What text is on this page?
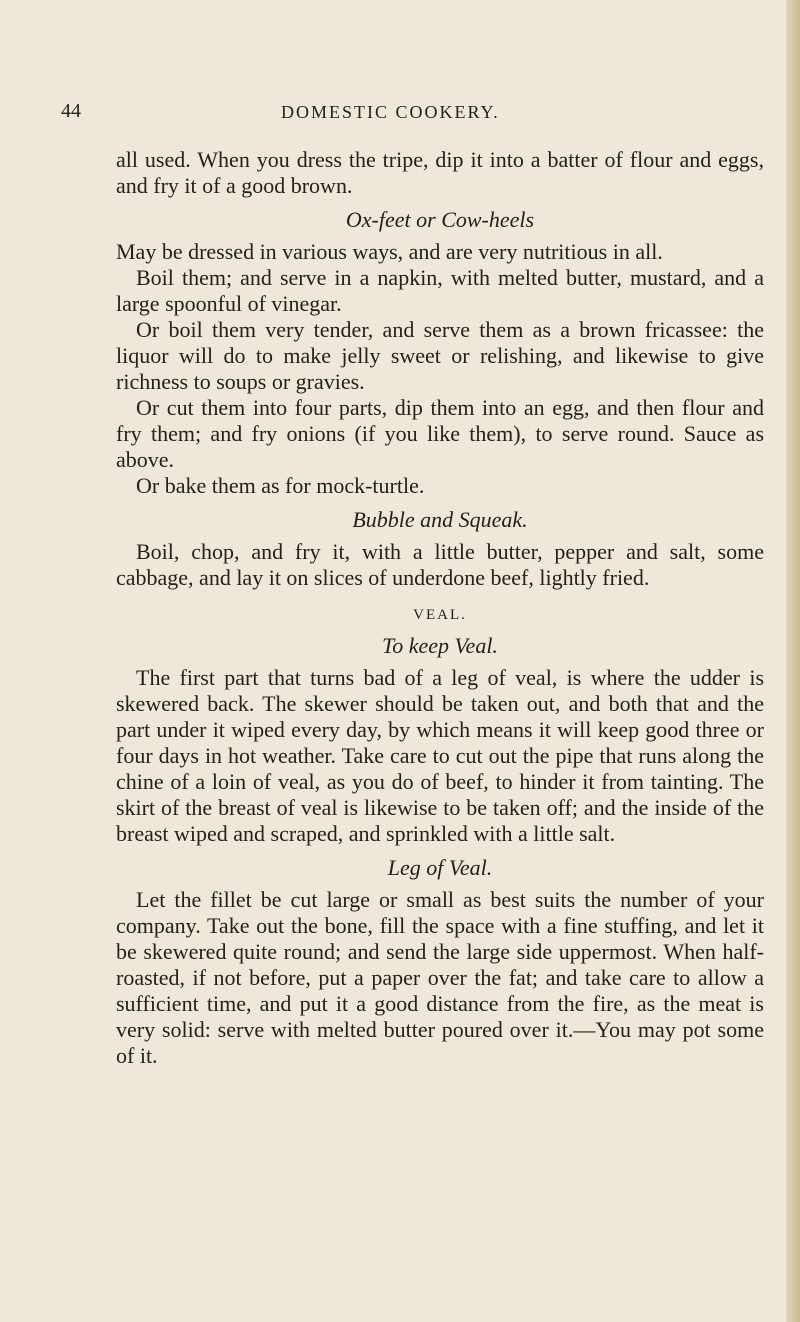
44	DOMESTIC COOKERY.

all used. When you dress the tripe, dip it into a batter of flour and eggs, and fry it of a good brown.

Ox-feet or Cow-heels

May be dressed in various ways, and are very nutritious in all.

Boil them; and serve in a napkin, with melted butter, mustard, and a large spoonful of vinegar.

Or boil them very tender, and serve them as a brown fricassee: the liquor will do to make jelly sweet or relishing, and likewise to give richness to soups or gravies.

Or cut them into four parts, dip them into an egg, and then flour and fry them; and fry onions (if you like them), to serve round. Sauce as above.

Or bake them as for mock-turtle.

Bubble and Squeak.

Boil, chop, and fry it, with a little butter, pepper and salt, some cabbage, and lay it on slices of underdone beef, lightly fried.

VEAL.

To keep Veal.

The first part that turns bad of a leg of veal, is where the udder is skewered back. The skewer should be taken out, and both that and the part under it wiped every day, by which means it will keep good three or four days in hot weather. Take care to cut out the pipe that runs along the chine of a loin of veal, as you do of beef, to hinder it from tainting. The skirt of the breast of veal is likewise to be taken off; and the inside of the breast wiped and scraped, and sprinkled with a little salt.

Leg of Veal.

Let the fillet be cut large or small as best suits the number of your company. Take out the bone, fill the space with a fine stuffing, and let it be skewered quite round; and send the large side uppermost. When half-roasted, if not before, put a paper over the fat; and take care to allow a sufficient time, and put it a good distance from the fire, as the meat is very solid: serve with melted butter poured over it.—You may pot some of it.
